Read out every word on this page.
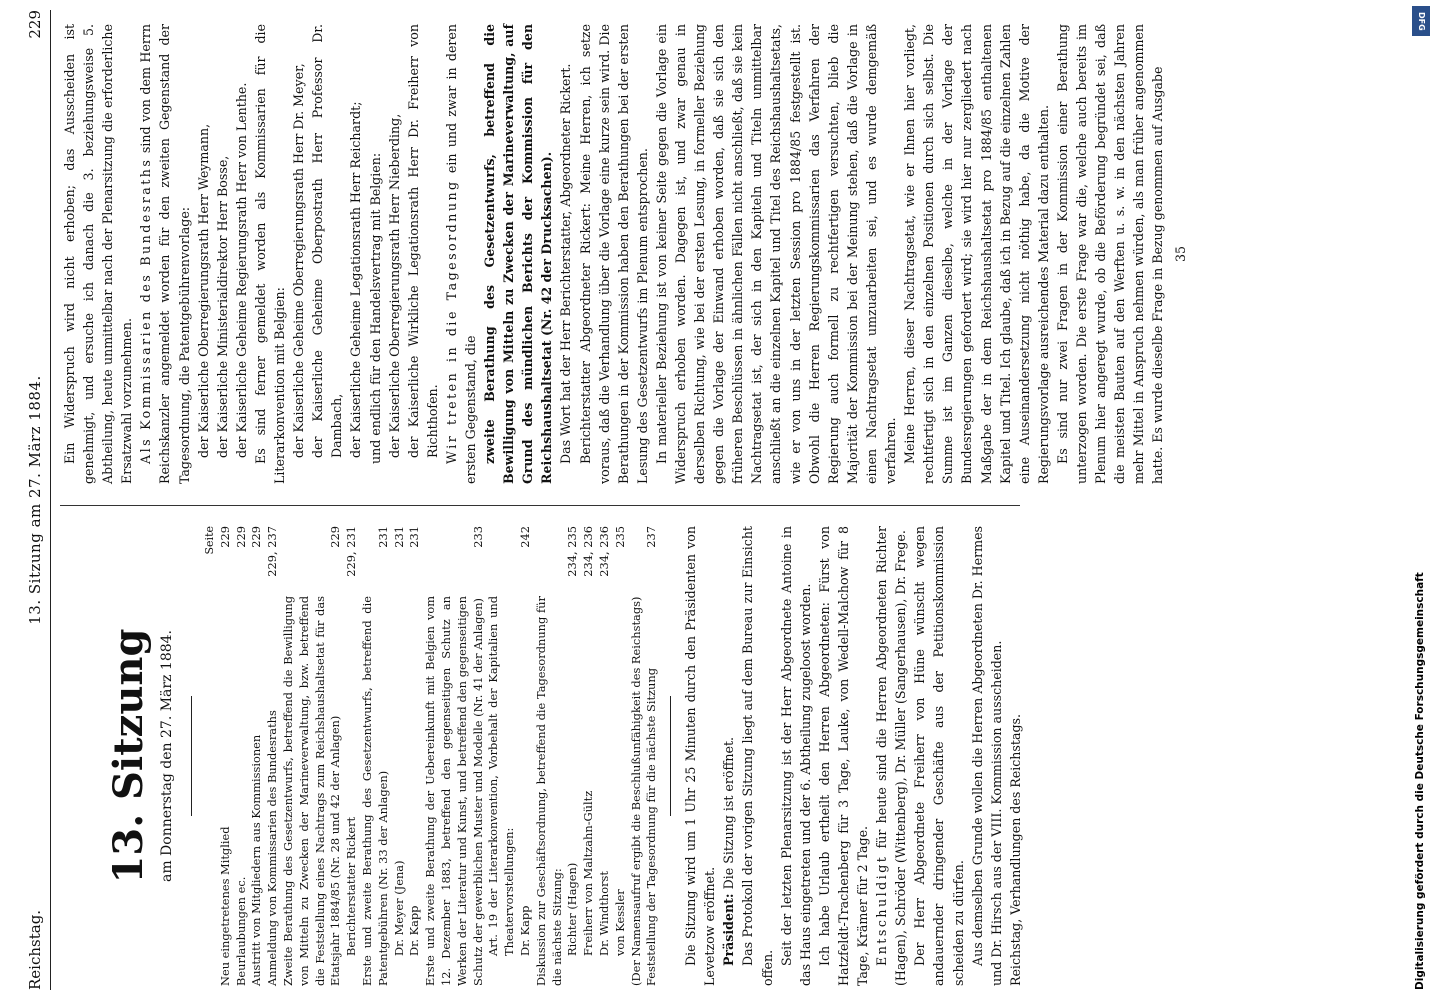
Reichstag.
13. Sitzung am 27. März 1884.
229
13. Sitzung am Donnerstag den 27. März 1884.
	Seite
Neu eingetretenes Mitglied	229
Beurlaubungen ec.	229
Austritt von Mitgliedern aus Kommissionen	229
Anmeldung von Kommissarien des Bundesraths	229, 237
Zweite Berathung des Gesetzentwurfs, betreffend die Bewilligung von Mitteln zu Zwecken der Marineverwaltung, bzw. betreffend die Feststellung eines Nachtrags zum Reichshaushaltsetat für das Etatsjahr 1884/85 (Nr. 28 und 42 der Anlagen)	229
Berichterstatter Rickert	229, 231
Erste und zweite Berathung des Gesetzentwurfs, betreffend die Patentgebühren (Nr. 33 der Anlagen)	231
Dr. Meyer (Jena)	231
Dr. Kapp	231
Erste und zweite Berathung der Uebereinkunft mit Belgien vom 12. Dezember 1883, betreffend den gegenseitigen Schutz an Werken der Literatur und Kunst, und betreffend den gegenseitigen Schutz der gewerblichen Muster und Modelle (Nr. 41 der Anlagen)	233
Art. 19 der Literarkonvention, Vorbehalt der Kapitalien und Theatervorstellungen:	
Dr. Kapp	242
Diskussion zur Geschäftsordnung, betreffend die Tagesordnung für die nächste Sitzung:	
Richter (Hagen)	234, 235
Freiherr von Maltzahn-Gültz	234, 236
Dr. Windthorst	234, 236
von Kessler	235
(Der Namensaufruf ergibt die Beschlußunfähigkeit des Reichstags)	
Feststellung der Tagesordnung für die nächste Sitzung	237 Die Sitzung wird um 1 Uhr 25 Minuten durch den Präsidenten von Levetzow eröffnet. Präsident: Die Sitzung ist eröffnet. Das Protokoll der vorigen Sitzung liegt auf dem Bureau zur Einsicht offen.

Seit der letzten Plenarsitzung ist der Herr Abgeordnete Antoine in das Haus eingetreten und der 6. Abtheilung zugeloost worden. Ich habe Urlaub ertheilt den Herren Abgeordneten: Fürst von Hatzfeldt-Trachenberg für 3 Tage, Lauke, von Wedell-Malchow für 8 Tage, Krämer für 2 Tage. Entschuldigt für heute sind die Herren Abgeordneten Richter (Hagen), Schröder (Wittenberg), Dr. Müller (Sangerhausen), Dr. Frege. Der Herr Abgeordnete Freiherr von Hüne wünscht wegen andauernder dringender Geschäfte aus der Petitionskommission scheiden zu dürfen. Aus demselben Grunde wollen die Herren Abgeordneten Dr. Hermes und Dr. Hirsch aus der VIII. Kommission ausscheiden. Reichstag, Verhandlungen des Reichstags.

Ein Widerspruch wird nicht erhoben; das Ausscheiden ist genehmigt, und ersuche ich danach die 3. beziehungsweise 5. Abtheilung, heute unmittelbar nach der Plenarsitzung die erforderliche Ersatzwahl vorzunehmen. Als Kommissarien des Bundesraths sind von dem Herrn Reichskanzler angemeldet worden für den zweiten Gegenstand der Tagesordnung, die Patentgebührenvorlage: der Kaiserliche Oberregierungsrath Herr Weymann, der Kaiserliche Ministerialdirektor Herr Bosse, der Kaiserliche Geheime Regierungsrath Herr von Lenthe. Es sind ferner gemeldet worden als Kommissarien für die Literarkonvention mit Belgien: der Kaiserliche Geheime Oberregierungsrath Herr Dr. Meyer, der Kaiserliche Geheime Oberpostrath Herr Professor Dr. Dambach, der Kaiserliche Geheime Legationsrath Herr Reichardt; und endlich für den Handelsvertrag mit Belgien: der Kaiserliche Oberregierungsrath Herr Nieberding, der Kaiserliche Wirkliche Legationsrath Herr Dr. Freiherr von Richthofen. Wir treten in die Tagesordnung ein und zwar in deren ersten Gegenstand, die zweite Berathung des Gesetzentwurfs, betreffend die Bewilligung von Mitteln zu Zwecken der Marineverwaltung, auf Grund des mündlichen Berichts der Kommission für den Reichshaushaltsetat (Nr. 42 der Drucksachen). Das Wort hat der Herr Berichterstatter, Abgeordneter Rickert. Berichterstatter Abgeordneter Rickert: Meine Herren, ich setze voraus, daß die Verhandlung über die Vorlage eine kurze sein wird. Die Berathungen in der Kommission haben den Berathungen bei der ersten Lesung des Gesetzentwurfs im Plenum entsprochen. In materieller Beziehung ist von keiner Seite gegen die Vorlage ein Widerspruch erhoben worden. Dagegen ist, und zwar genau in derselben Richtung, wie bei der ersten Lesung, in formeller Beziehung gegen die Vorlage der Einwand erhoben worden, daß sie sich den früheren Beschlüssen in ähnlichen Fällen nicht anschließt, daß sie kein Nachtragsetat ist, der sich in den Kapiteln und Titeln unmittelbar anschließt an die einzelnen Kapitel und Titel des Reichshaushaltsetats, wie er von uns in der letzten Session pro 1884/85 festgestellt ist. Obwohl die Herren Regierungskommissarien das Verfahren der Regierung auch formell zu rechtfertigen versuchten, blieb die Majorität der Kommission bei der Meinung stehen, daß die Vorlage in einen Nachtragsetat umzuarbeiten sei, und es wurde demgemäß verfahren. Meine Herren, dieser Nachtragsetat, wie er Ihnen hier vorliegt, rechtfertigt sich in den einzelnen Positionen durch sich selbst. Die Summe ist im Ganzen dieselbe, welche in der Vorlage der Bundesregierungen gefordert wird; sie wird hier nur zergliedert nach Maßgabe der in dem Reichshaushaltsetat pro 1884/85 enthaltenen Kapitel und Titel. Ich glaube, daß ich in Bezug auf die einzelnen Zahlen eine Auseinandersetzung nicht nöthig habe, da die Motive der Regierungsvorlage ausreichendes Material dazu enthalten. Es sind nur zwei Fragen in der Kommission einer Berathung unterzogen worden. Die erste Frage war die, welche auch bereits im Plenum hier angeregt wurde, ob die Beförderung begründet sei, daß die meisten Bauten auf den Werften u. s. w. in den nächsten Jahren mehr Mittel in Anspruch nehmen würden, als man früher angenommen hatte. Es wurde dieselbe Frage in Bezug genommen auf Ausgabe 35

Digitalisierung gefördert durch die Deutsche Forschungsgemeinschaft
DFG
